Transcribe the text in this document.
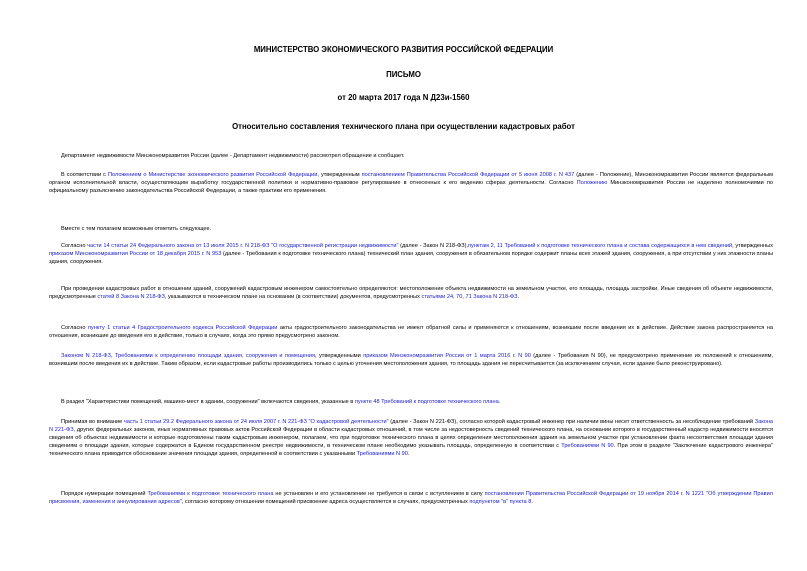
МИНИСТЕРСТВО ЭКОНОМИЧЕСКОГО РАЗВИТИЯ РОССИЙСКОЙ ФЕДЕРАЦИИ
ПИСЬМО
от 20 марта 2017 года N Д23и-1560
Относительно составления технического плана при осуществлении кадастровых работ
Департамент недвижимости Минэкономразвития России (далее - Департамент недвижимости) рассмотрел обращение и сообщает.
В соответствии с Положением о Министерстве экономического развития Российской Федерации, утвержденным постановлением Правительства Российской Федерации от 5 июня 2008 г. N 437 (далее - Положение), Минэкономразвития России является федеральным органом исполнительной власти, осуществляющим выработку государственной политики и нормативно-правовое регулирование в отнесенных к его ведению сферах деятельности. Согласно Положению Минэкономразвития России не наделено полномочиями по официальному разъяснению законодательства Российской Федерации, а также практики его применения.
Вместе с тем полагаем возможным отметить следующее.
Согласно части 14 статьи 24 Федерального закона от 13 июля 2015 г. N 218-ФЗ "О государственной регистрации недвижимости" (далее - Закон N 218-ФЗ),пунктам 2, 11 Требований к подготовке технического плана и состава содержащихся в нем сведений, утвержденных приказом Минэкономразвития России от 18 декабря 2015 г. N 953 (далее - Требования к подготовке технического плана) технический план здания, сооружения в обязательном порядке содержит планы всех этажей здания, сооружения, а при отсутствии у них этажности планы здания, сооружения.
При проведении кадастровых работ в отношении зданий, сооружений кадастровым инженером самостоятельно определяются: местоположение объекта недвижимости на земельном участке, его площадь, площадь застройки. Иные сведения об объекте недвижимости, предусмотренные статей 8 Закона N 218-ФЗ, указываются в техническом плане на основании (в соответствии) документов, предусмотренных статьями 24, 70, 71 Закона N 218-ФЗ.
Согласно пункту 1 статьи 4 Градостроительного кодекса Российской Федерации акты градостроительного законодательства не имеют обратной силы и применяются к отношениям, возникшим после введения их в действие. Действие закона распространяется на отношения, возникшие до введения его в действие, только в случаях, когда это прямо предусмотрено законом.
Законом N 218-ФЗ, Требованиями к определению площади здания, сооружения и помещения, утвержденными приказом Минэкономразвития России от 1 марта 2016 г. N 90 (далее - Требования N 90), не предусмотрено применение их положений к отношениям, возникшим после введения их в действие. Таким образом, если кадастровые работы производились только с целью уточнения местоположения здания, то площадь здания не пересчитывается (за исключением случая, если здание было реконструировано).
В раздел "Характеристики помещений, машино-мест в здании, сооружении" включаются сведения, указанные в пункте 48 Требований к подготовке технического плана.
Принимая во внимание часть 1 статьи 29.2 Федерального закона от 24 июля 2007 г. N 221-ФЗ "О кадастровой деятельности" (далее - Закон N 221-ФЗ), согласно которой кадастровый инженер при наличии вины несет ответственность за несоблюдение требований Закона N 221-ФЗ, других федеральных законов, иных нормативных правовых актов Российской Федерации в области кадастровых отношений, в том числе за недостоверность сведений технического плана, на основании которого в государственный кадастр недвижимости вносятся сведения об объектах недвижимости и которые подготовлены таким кадастровым инженером, полагаем, что при подготовке технического плана в целях определения местоположения здания на земельном участке при установлении факта несоответствия площади здания сведениям о площади здания, которые содержатся в Едином государственном реестре недвижимости, в техническом плане необходимо указывать площадь, определенную в соответствии с Требованиями N 90. При этом в разделе "Заключение кадастрового инженера" технического плана приводится обоснование значения площади здания, определенной в соответствии с указанными Требованиями N 90.
Порядок нумерации помещений Требованиями к подготовке технического плана не установлен и его установление не требуется в связи с вступлением в силу постановления Правительства Российской Федерации от 19 ноября 2014 г. N 1221 "Об утверждении Правил присвоения, изменения и аннулирования адресов", согласно которому отношении помещений присвоение адреса осуществляется в случаях, предусмотренных подпунктом "в" пункта 8.
